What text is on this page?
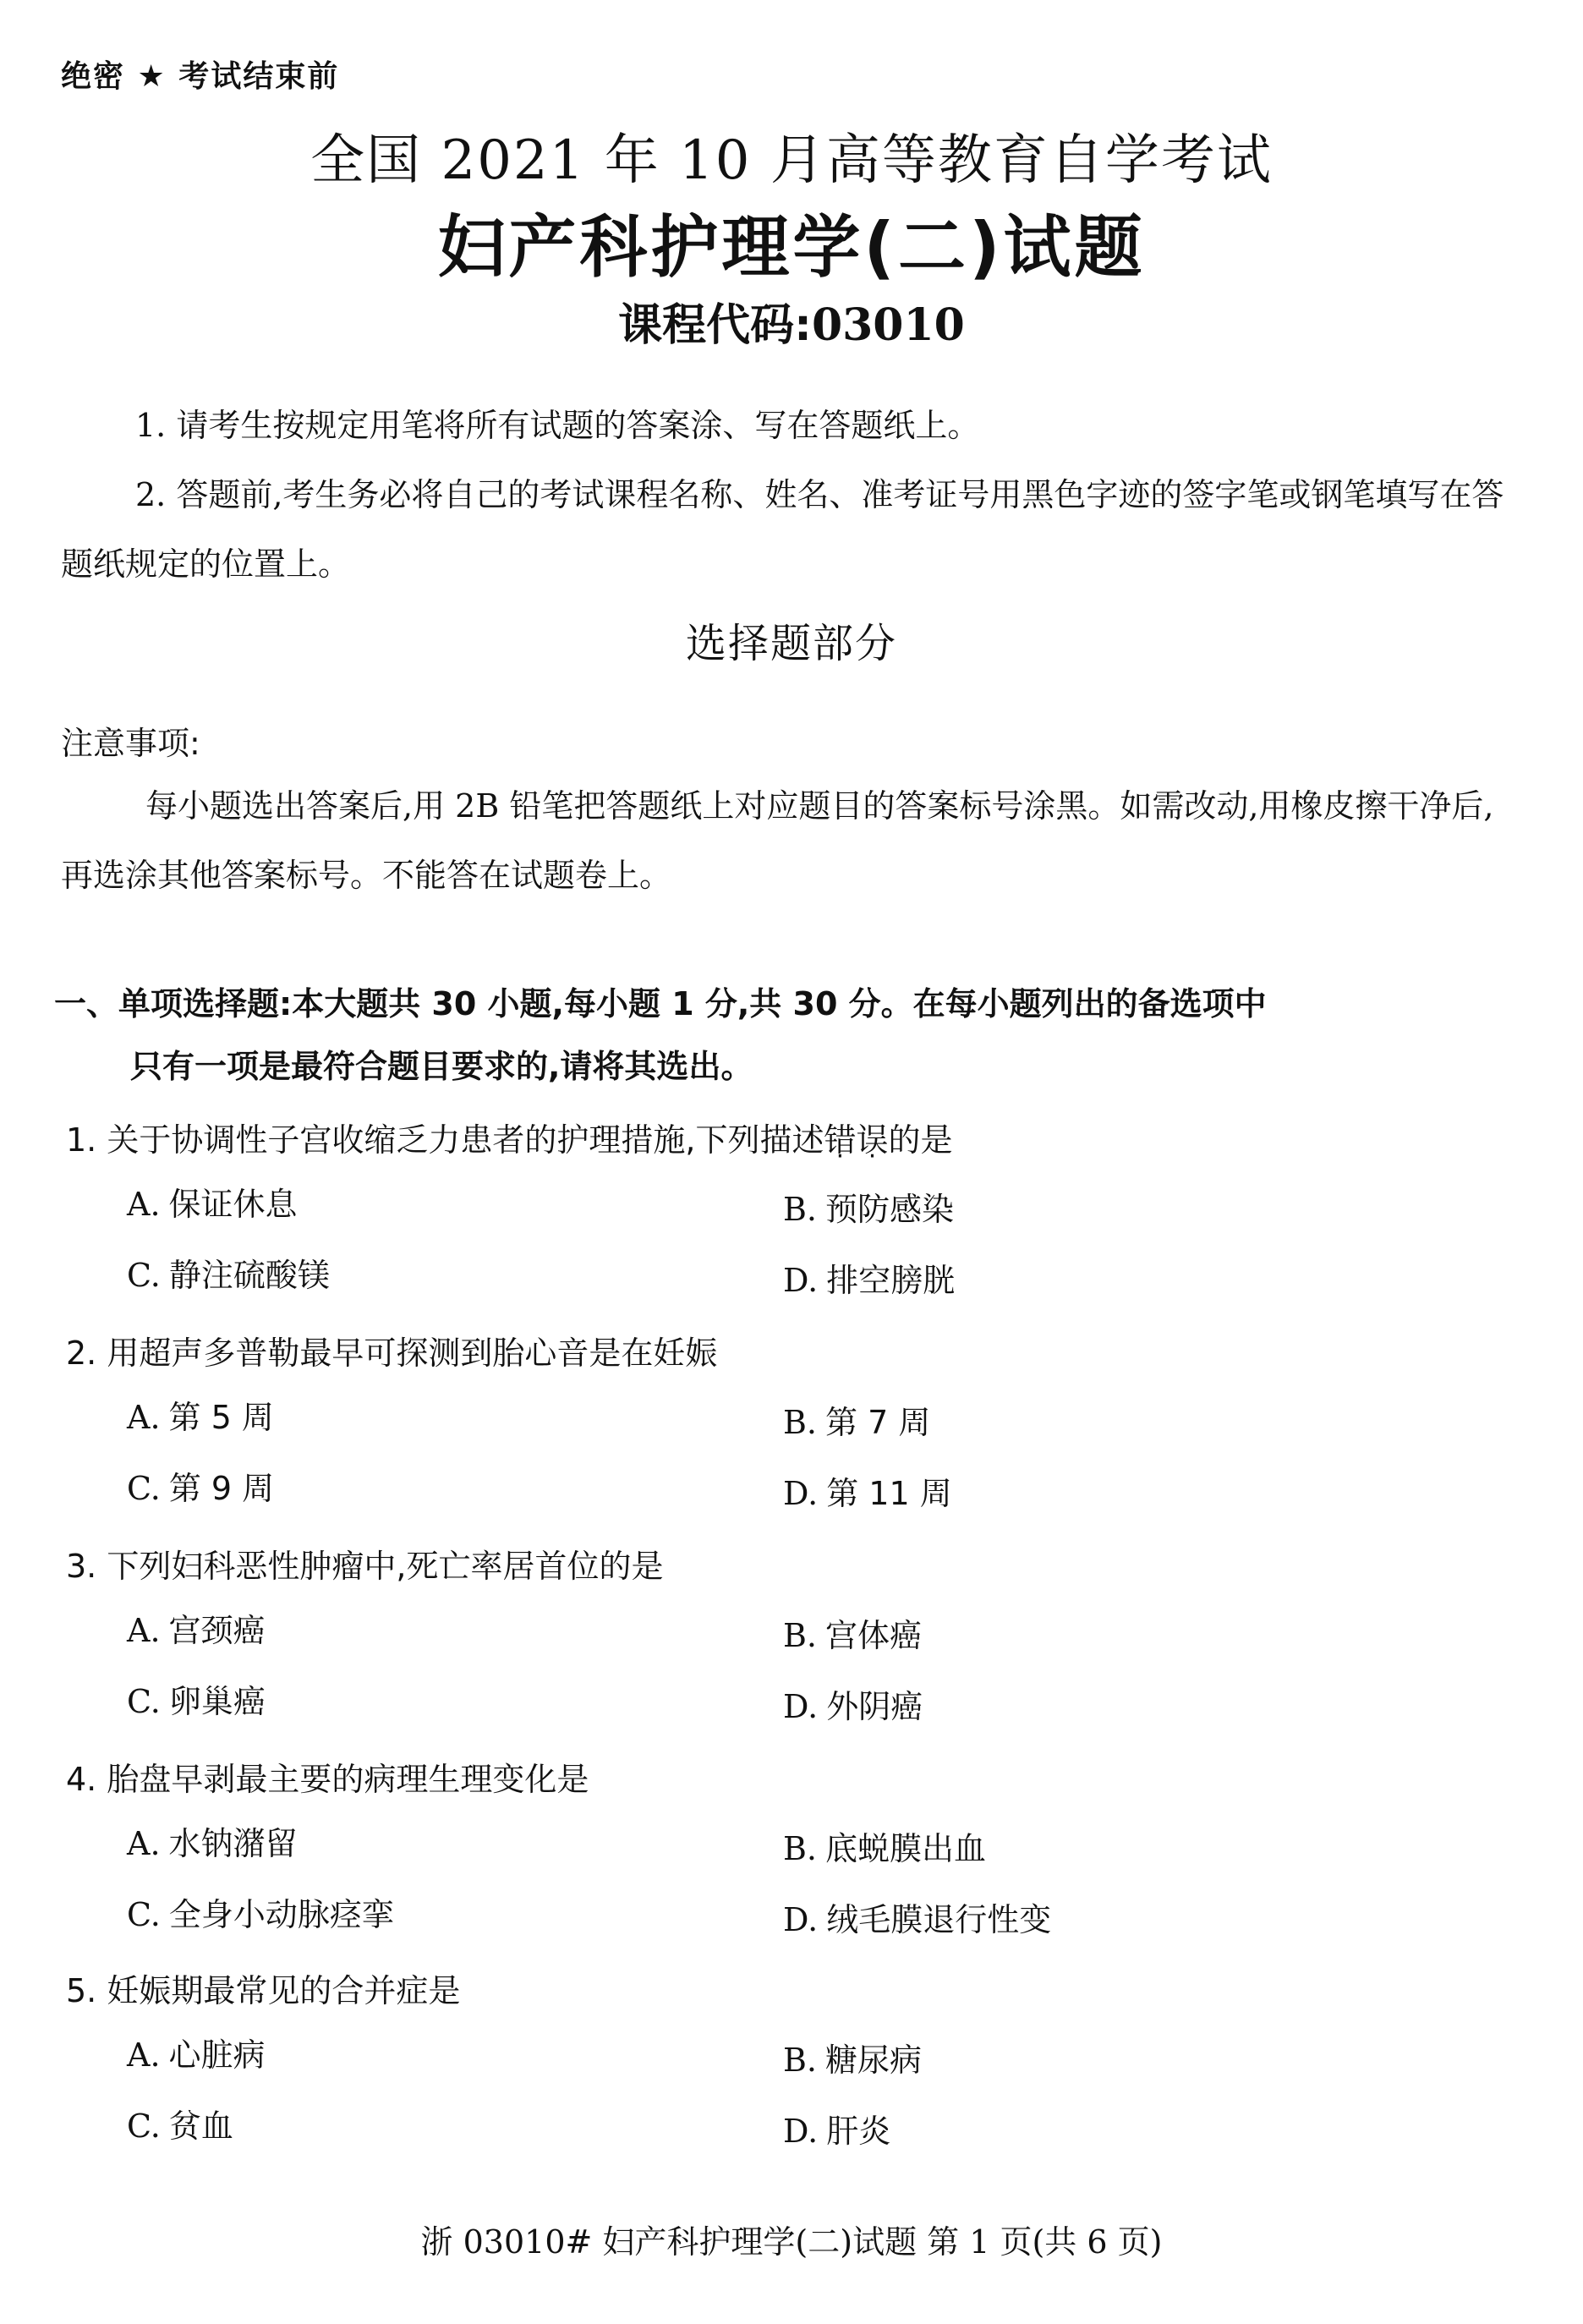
绝密 ★ 考试结束前
全国 2021 年 10 月高等教育自学考试
妇产科护理学(二)试题
课程代码:03010

1. 请考生按规定用笔将所有试题的答案涂、写在答题纸上。

2. 答题前,考生务必将自己的考试课程名称、姓名、准考证号用黑色字迹的签字笔或钢笔填写在答题纸规定的位置上。

选择题部分
注意事项:

每小题选出答案后,用 2B 铅笔把答题纸上对应题目的答案标号涂黑。如需改动,用橡皮擦干净后,再选涂其他答案标号。不能答在试题卷上。

一、单项选择题:本大题共 30 小题,每小题 1 分,共 30 分。在每小题列出的备选项中
只有一项是最符合题目要求的,请将其选出。
1. 关于协调性子宫收缩乏力患者的护理措施,下列描述错误的是
A. 保证休息	B. 预防感染
C. 静注硫酸镁	D. 排空膀胱
2. 用超声多普勒最早可探测到胎心音是在妊娠
A. 第 5 周	B. 第 7 周
C. 第 9 周	D. 第 11 周
3. 下列妇科恶性肿瘤中,死亡率居首位的是
A. 宫颈癌	B. 宫体癌
C. 卵巢癌	D. 外阴癌
4. 胎盘早剥最主要的病理生理变化是
A. 水钠潴留	B. 底蜕膜出血
C. 全身小动脉痉挛	D. 绒毛膜退行性变
5. 妊娠期最常见的合并症是
A. 心脏病	B. 糖尿病
C. 贫血	D. 肝炎
浙 03010# 妇产科护理学(二)试题 第 1 页(共 6 页)
